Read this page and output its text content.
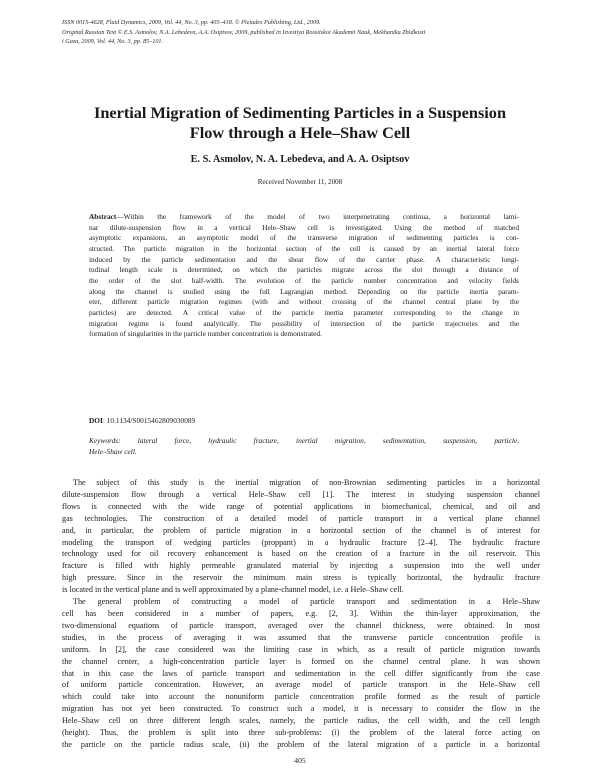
ISSN 0015-4628, Fluid Dynamics, 2009, Vol. 44, No. 3, pp. 405–418. © Pleiades Publishing, Ltd., 2009.
Original Russian Text © E.S. Asmolov, N.A. Lebedeva, A.A. Osiptsov, 2009, published in Izvestiya Rossiiskoi Akademii Nauk, Mekhanika Zhidkosti
i Gaza, 2009, Vol. 44, No. 3, pp. 85–101.
Inertial Migration of Sedimenting Particles in a Suspension
Flow through a Hele–Shaw Cell
E. S. Asmolov, N. A. Lebedeva, and A. A. Osiptsov
Received November 11, 2008
Abstract—Within the framework of the model of two interpenetrating continua, a horizontal lami-
nar dilute-suspension flow in a vertical Hele–Shaw cell is investigated. Using the method of matched
asymptotic expansions, an asymptotic model of the transverse migration of sedimenting particles is con-
structed. The particle migration in the horizontal section of the cell is caused by an inertial lateral force
induced by the particle sedimentation and the shear flow of the carrier phase. A characteristic longi-
tudinal length scale is determined, on which the particles migrate across the slot through a distance of
the order of the slot half-width. The evolution of the particle number concentration and velocity fields
along the channel is studied using the full Lagrangian method. Depending on the particle inertia param-
eter, different particle migration regimes (with and without crossing of the channel central plane by the
particles) are detected. A critical value of the particle inertia parameter corresponding to the change in
migration regime is found analytically. The possibility of intersection of the particle trajectories and the
formation of singularities in the particle number concentration is demonstrated.
DOI: 10.1134/S0015462809030089
Keywords: lateral force, hydraulic fracture, inertial migration, sedimentation, suspension, particle,
Hele–Shaw cell.
The subject of this study is the inertial migration of non-Brownian sedimenting particles in a horizontal
dilute-suspension flow through a vertical Hele–Shaw cell [1]. The interest in studying suspension channel
flows is connected with the wide range of potential applications in biomechanical, chemical, and oil and
gas technologies. The construction of a detailed model of particle transport in a vertical plane channel
and, in particular, the problem of particle migration in a horizontal section of the channel is of interest for
modeling the transport of wedging particles (proppant) in a hydraulic fracture [2–4]. The hydraulic fracture
technology used for oil recovery enhancement is based on the creation of a fracture in the oil reservoir. This
fracture is filled with highly permeable granulated material by injecting a suspension into the well under
high pressure. Since in the reservoir the minimum main stress is typically horizontal, the hydraulic fracture
is located in the vertical plane and is well approximated by a plane-channel model, i.e. a Hele–Shaw cell.
The general problem of constructing a model of particle transport and sedimentation in a Hele–Shaw
cell has been considered in a number of papers, e.g. [2, 3]. Within the thin-layer approximation, the
two-dimensional equations of particle transport, averaged over the channel thickness, were obtained. In most
studies, in the process of averaging it was assumed that the transverse particle concentration profile is
uniform. In [2], the case considered was the limiting case in which, as a result of particle migration towards
the channel center, a high-concentration particle layer is formed on the channel central plane. It was shown
that in this case the laws of particle transport and sedimentation in the cell differ significantly from the case
of uniform particle concentration. However, an average model of particle transport in the Hele–Shaw cell
which could take into account the nonuniform particle concentration profile formed as the result of particle
migration has not yet been constructed. To construct such a model, it is necessary to consider the flow in the
Hele–Shaw cell on three different length scales, namely, the particle radius, the cell width, and the cell length
(height). Thus, the problem is split into three sub-problems: (i) the problem of the lateral force acting on
the particle on the particle radius scale, (ii) the problem of the lateral migration of a particle in a horizontal
405
